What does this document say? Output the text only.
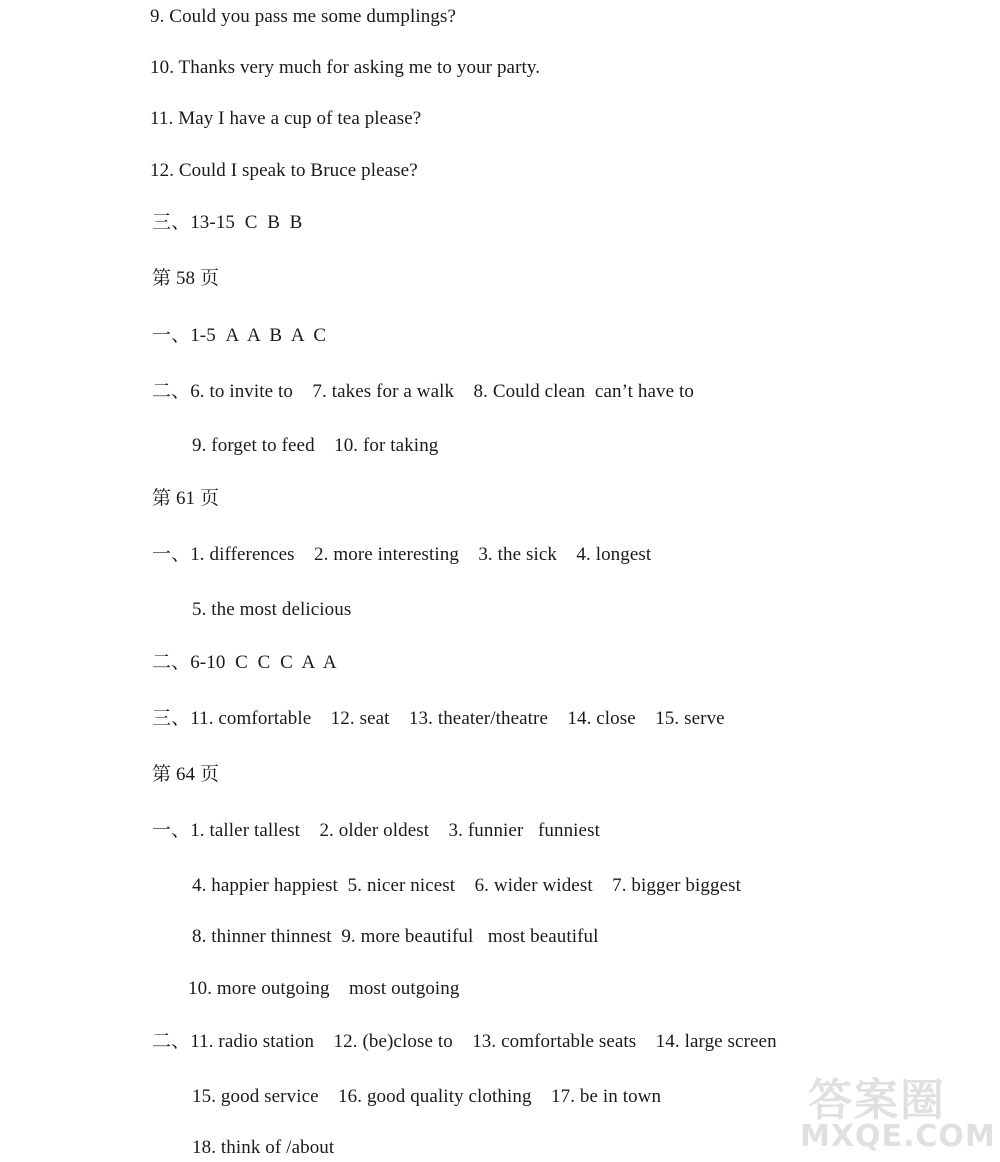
9. Could you pass me some dumplings?
10. Thanks very much for asking me to your party.
11. May I have a cup of tea please?
12. Could I speak to Bruce please?
三、13-15  C  B  B
第 58 页
一、1-5  A  A  B  A  C
二、6. to invite to    7. takes for a walk    8. Could clean  can’t have to
9. forget to feed    10. for taking
第 61 页
一、1. differences    2. more interesting    3. the sick    4. longest
5. the most delicious
二、6-10  C  C  C  A  A
三、11. comfortable    12. seat    13. theater/theatre    14. close    15. serve
第 64 页
一、1. taller tallest    2. older oldest    3. funnier   funniest
4. happier happiest  5. nicer nicest    6. wider widest    7. bigger biggest
8. thinner thinnest  9. more beautiful   most beautiful
10. more outgoing    most outgoing
二、11. radio station    12. (be)close to    13. comfortable seats    14. large screen
15. good service    16. good quality clothing    17. be in town
18. think of /about
答案圈
MXQE.COM
